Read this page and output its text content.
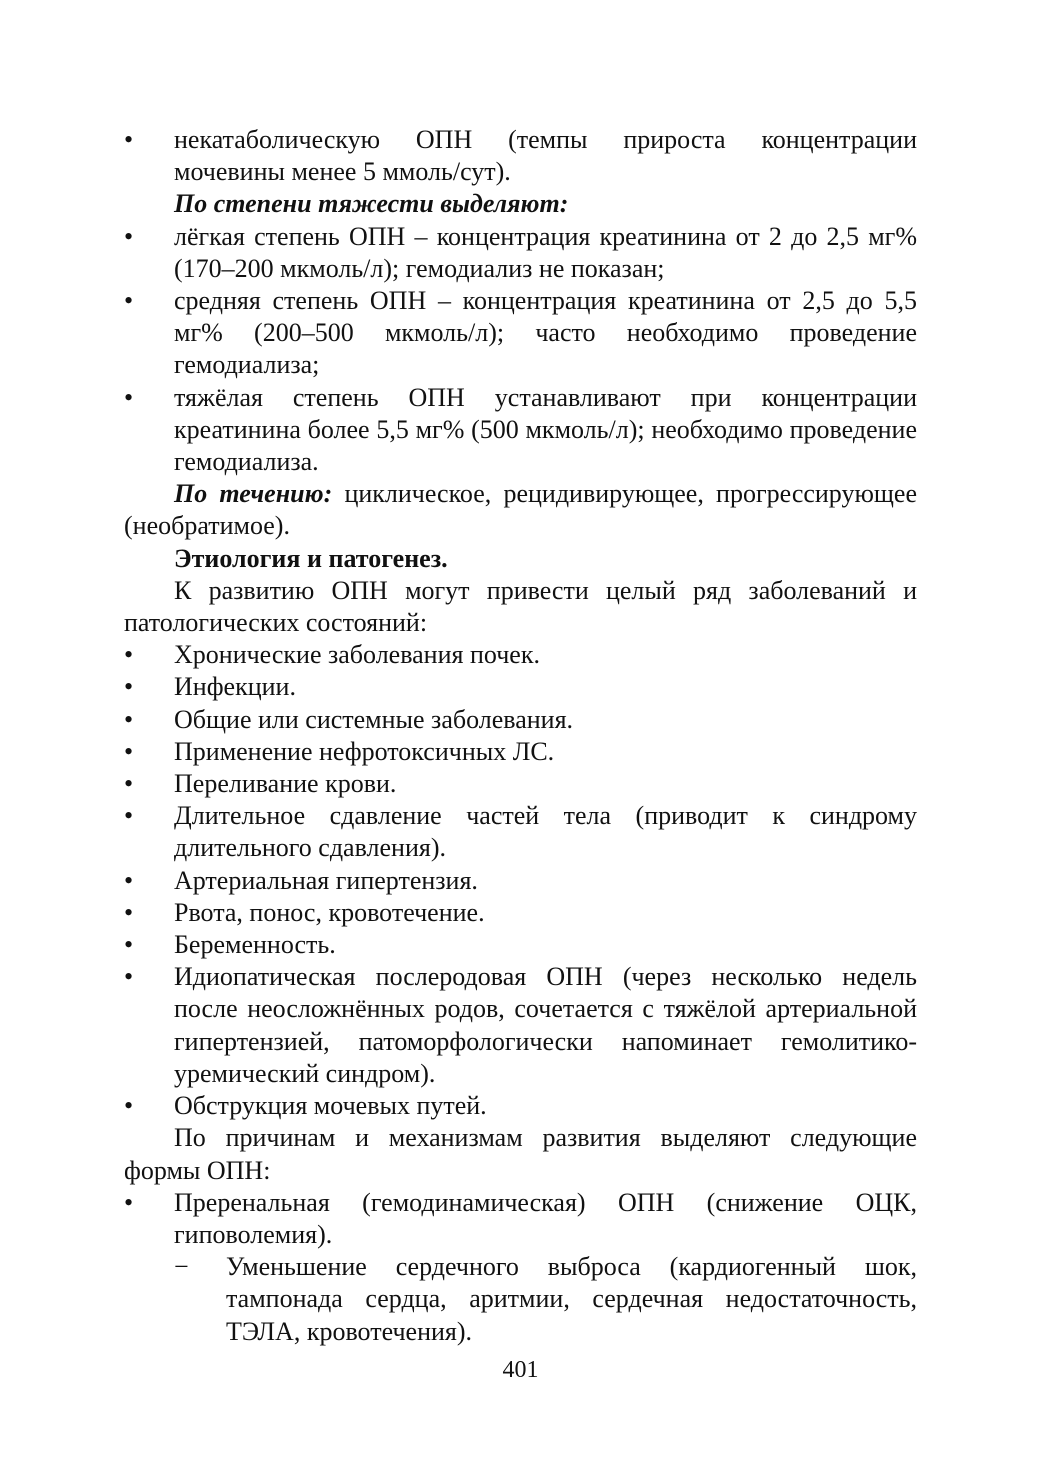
•	некатаболическую ОПН (темпы прироста концентрации мочевины менее 5 ммоль/сут).
По степени тяжести выделяют:
•	лёгкая степень ОПН – концентрация креатинина от 2 до 2,5 мг% (170–200 мкмоль/л); гемодиализ не показан;
•	средняя степень ОПН – концентрация креатинина от 2,5 до 5,5 мг% (200–500 мкмоль/л); часто необходимо проведение гемодиализа;
•	тяжёлая степень ОПН устанавливают при концентрации креатинина более 5,5 мг% (500 мкмоль/л); необходимо проведение гемодиализа.
По течению: циклическое, рецидивирующее, прогрессирующее (необратимое).
Этиология и патогенез.
К развитию ОПН могут привести целый ряд заболеваний и патологических состояний:
•	Хронические заболевания почек.
•	Инфекции.
•	Общие или системные заболевания.
•	Применение нефротоксичных ЛС.
•	Переливание крови.
•	Длительное сдавление частей тела (приводит к синдрому длительного сдавления).
•	Артериальная гипертензия.
•	Рвота, понос, кровотечение.
•	Беременность.
•	Идиопатическая послеродовая ОПН (через несколько недель после неосложнённых родов, сочетается с тяжёлой артериальной гипертензией, патоморфологически напоминает гемолитико-уремический синдром).
•	Обструкция мочевых путей.
По причинам и механизмам развития выделяют следующие формы ОПН:
•	Преренальная (гемодинамическая) ОПН (снижение ОЦК, гиповолемия).
−	Уменьшение сердечного выброса (кардиогенный шок, тампонада сердца, аритмии, сердечная недостаточность, ТЭЛА, кровотечения).
401
